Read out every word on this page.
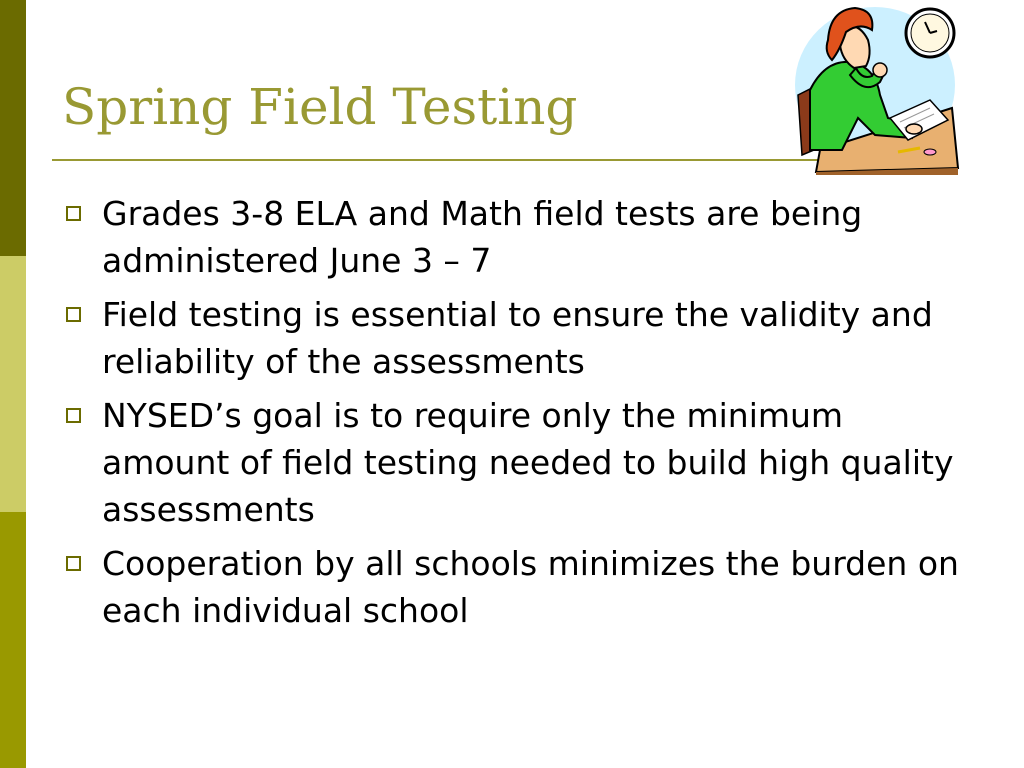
Spring Field Testing
Grades 3-8 ELA and Math field tests are being administered June 3 – 7
Field testing is essential to ensure the validity and reliability of the assessments
NYSED’s goal is to require only the minimum amount of field testing needed to build high quality assessments
Cooperation by all schools minimizes the burden on each individual school
